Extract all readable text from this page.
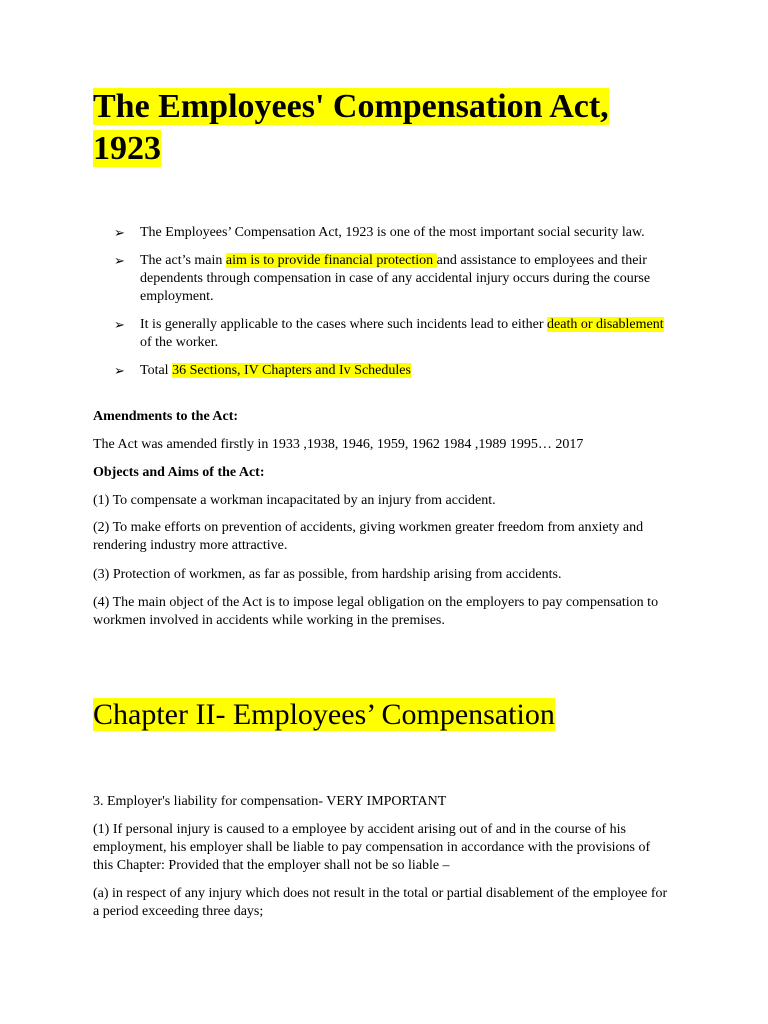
The Employees' Compensation Act, 1923
➢ The Employees’ Compensation Act, 1923 is one of the most important social security law.
➢ The act’s main aim is to provide financial protection and assistance to employees and their dependents through compensation in case of any accidental injury occurs during the course employment.
➢ It is generally applicable to the cases where such incidents lead to either death or disablement of the worker.
➢ Total 36 Sections, IV Chapters and Iv Schedules

Amendments to the Act:

The Act was amended firstly in 1933 ,1938, 1946, 1959, 1962 1984 ,1989 1995… 2017

Objects and Aims of the Act:

(1) To compensate a workman incapacitated by an injury from accident.

(2) To make efforts on prevention of accidents, giving workmen greater freedom from anxiety and rendering industry more attractive.

(3) Protection of workmen, as far as possible, from hardship arising from accidents.

(4) The main object of the Act is to impose legal obligation on the employers to pay compensation to workmen involved in accidents while working in the premises.

Chapter II- Employees’ Compensation

3. Employer's liability for compensation- VERY IMPORTANT

(1) If personal injury is caused to a employee by accident arising out of and in the course of his employment, his employer shall be liable to pay compensation in accordance with the provisions of this Chapter: Provided that the employer shall not be so liable –

(a) in respect of any injury which does not result in the total or partial disablement of the employee for a period exceeding three days;
